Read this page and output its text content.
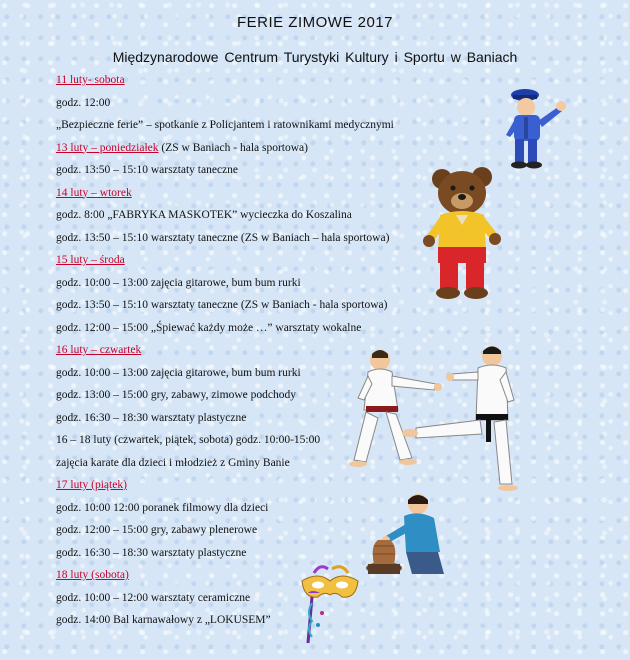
FERIE ZIMOWE 2017
Międzynarodowe Centrum Turystyki Kultury i Sportu w Baniach
11 luty- sobota
godz. 12:00
„Bezpieczne ferie” – spotkanie z Policjantem i ratownikami medycznymi
13 luty – poniedziałek (ZS w Baniach - hala sportowa)
godz. 13:50 – 15:10 warsztaty taneczne
14 luty – wtorek
godz. 8:00 „FABRYKA MASKOTEK” wycieczka do Koszalina
godz. 13:50 – 15:10 warsztaty taneczne (ZS w Baniach – hala sportowa)
15 luty – środa
godz. 10:00 – 13:00 zajęcia gitarowe, bum bum rurki
godz. 13:50 – 15:10 warsztaty taneczne (ZS w Baniach - hala sportowa)
godz. 12:00 – 15:00 „Śpiewać każdy może …” warsztaty wokalne
16 luty – czwartek
godz. 10:00 – 13:00 zajęcia gitarowe, bum bum rurki
godz. 13:00 – 15:00 gry, zabawy, zimowe podchody
godz. 16:30 – 18:30 warsztaty plastyczne
16 – 18 luty (czwartek, piątek, sobota) godz. 10:00-15:00
zajęcia karate dla dzieci i młodzież z Gminy Banie
17 luty (piątek)
godz. 10:00 12:00 poranek filmowy dla dzieci
godz. 12:00 – 15:00 gry, zabawy plenerowe
godz. 16:30 – 18:30 warsztaty plastyczne
18 luty (sobota)
godz. 10:00 – 12:00 warsztaty ceramiczne
godz. 14:00 Bal karnawałowy z „LOKUSEM”
